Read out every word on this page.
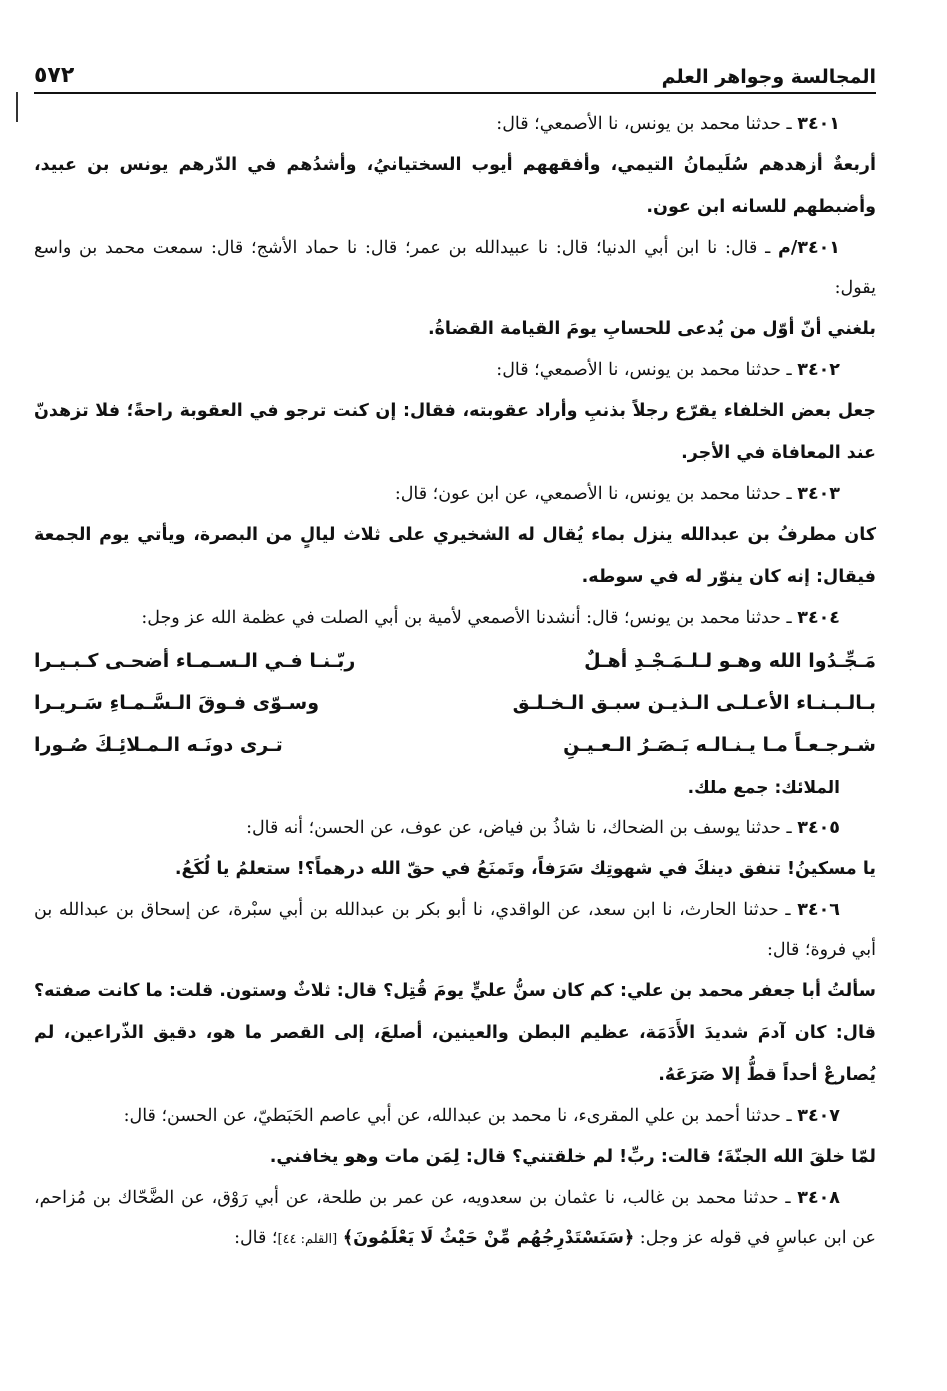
المجالسة وجواهر العلم
٥٧٢

٣٤٠١ ـ حدثنا محمد بن يونس، نا الأصمعي؛ قال:

أربعةٌ أزهدهم سُلَيمانُ التيمي، وأفقههم أيوب السختيانيُ، وأشدُهم في الدّرهم يونس بن عبيد، وأضبطهم للسانه ابن عون.

٣٤٠١/م ـ قال: نا ابن أبي الدنيا؛ قال: نا عبيدالله بن عمر؛ قال: نا حماد الأشج؛ قال: سمعت محمد بن واسع يقول:

بلغني أنّ أوّل من يُدعى للحسابِ يومَ القيامة القضاةُ.

٣٤٠٢ ـ حدثنا محمد بن يونس، نا الأصمعي؛ قال:

جعل بعض الخلفاء يقرّع رجلاً بذنبِ وأراد عقوبته، فقال: إن كنت ترجو في العقوبة راحةً؛ فلا تزهدنّ عند المعافاة في الأجر.

٣٤٠٣ ـ حدثنا محمد بن يونس، نا الأصمعي، عن ابن عون؛ قال:

كان مطرفُ بن عبدالله ينزل بماء يُقال له الشخيري على ثلاث ليالٍ من البصرة، ويأتي يوم الجمعة فيقال: إنه كان ينوّر له في سوطه.

٣٤٠٤ ـ حدثنا محمد بن يونس؛ قال: أنشدنا الأصمعي لأمية بن أبي الصلت في عظمة الله عز وجل:

مَـجِّـدُوا الله وهـو لـلـمَـجْـدِ أهـلٌ
ربّـنـا فـي الـسـمـاء أضحـى كـبـيـرا
بـالـبـنـاء الأعـلـى الـذيـن سبـق الـخـلـق
وسـوّى فـوقَ الـسَّـمـاءِ سَـريـرا
شـرجـعـاً مـا يـنـالـه بَـصَـرُ الـعـيـنِ
تـرى دونَـه الـمـلائِـكَ صُـورا

الملائك: جمع ملك.

٣٤٠٥ ـ حدثنا يوسف بن الضحاك، نا شاذُ بن فياض، عن عوف، عن الحسن؛ أنه قال:

يا مسكينُ! تنفق دينكَ في شهوتِك سَرَفاً، وتَمنَعُ في حقّ الله درهماً؟! ستعلمُ يا لُكَعُ.

٣٤٠٦ ـ حدثنا الحارث، نا ابن سعد، عن الواقدي، نا أبو بكر بن عبدالله بن أبي سبْرة، عن إسحاق بن عبدالله بن أبي فروة؛ قال:

سألتُ أبا جعفر محمد بن علي: كم كان سنُّ عليٍّ يومَ قُتِل؟ قال: ثلاثٌ وستون. قلت: ما كانت صفته؟ قال: كان آدمَ شديدَ الأَدَمَة، عظيم البطن والعينين، أصلعَ، إلى القصر ما هو، دقيق الذّراعين، لم يُصارعْ أحداً قطُّ إلا صَرَعَهُ.

٣٤٠٧ ـ حدثنا أحمد بن علي المقرىء، نا محمد بن عبدالله، عن أبي عاصم الحَبَطيّ، عن الحسن؛ قال:

لمّا خلقَ الله الجنّةَ؛ قالت: ربِّ! لم خلقتني؟ قال: لِمَن مات وهو يخافني.

٣٤٠٨ ـ حدثنا محمد بن غالب، نا عثمان بن سعدويه، عن عمر بن طلحة، عن أبي رَوْق، عن الضَّحّاك بن مُزاحم، عن ابن عباسٍ في قوله عز وجل: ﴿سَنَسْتَدْرِجُهُم مِّنْ حَيْثُ لَا يَعْلَمُونَ﴾ [القلم: ٤٤]؛ قال:
